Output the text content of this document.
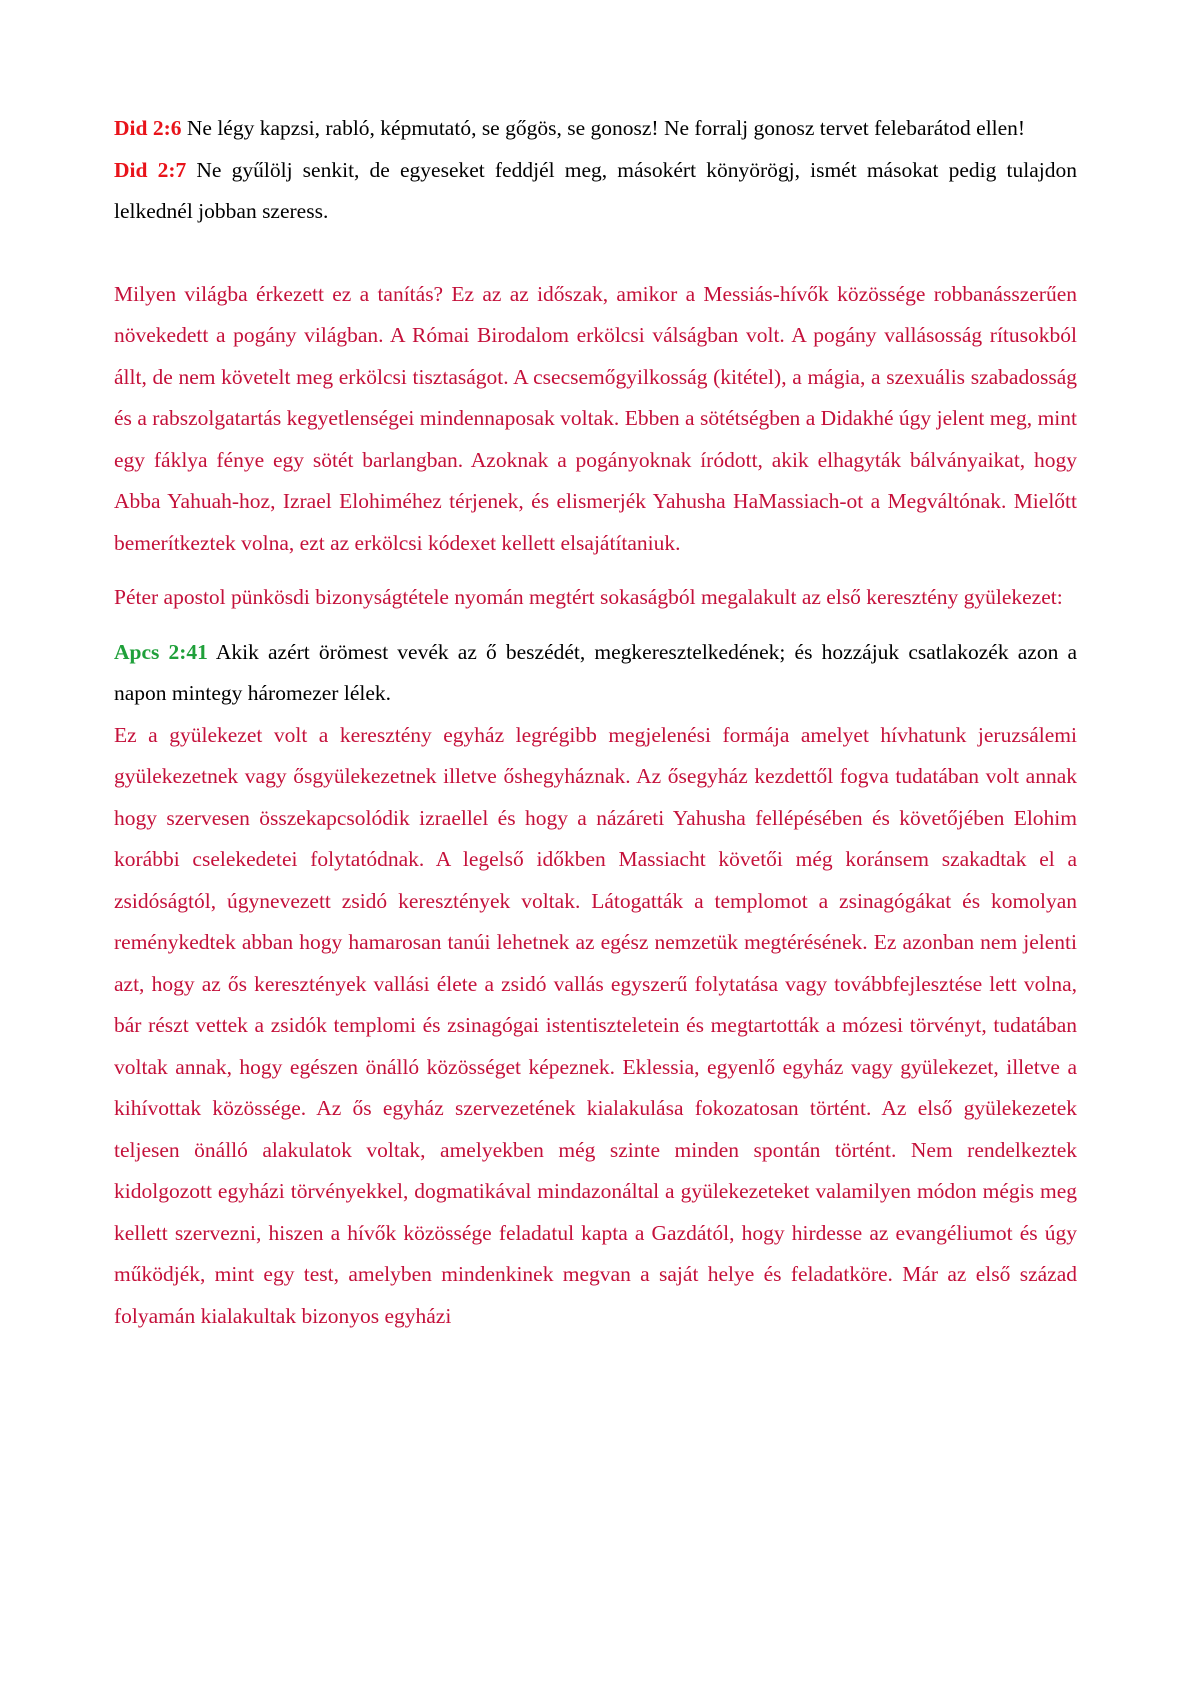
Did 2:6 Ne légy kapzsi, rabló, képmutató, se gőgös, se gonosz! Ne forralj gonosz tervet felebarátod ellen!

Did 2:7 Ne gyűlölj senkit, de egyeseket feddjél meg, másokért könyörögj, ismét másokat pedig tulajdon lelkednél jobban szeress.

Milyen világba érkezett ez a tanítás? Ez az az időszak, amikor a Messiás-hívők közössége robbanásszerűen növekedett a pogány világban. A Római Birodalom erkölcsi válságban volt. A pogány vallásosság rítusokból állt, de nem követelt meg erkölcsi tisztaságot. A csecsemőgyilkosság (kitétel), a mágia, a szexuális szabadosság és a rabszolgatartás kegyetlenségei mindennaposak voltak. Ebben a sötétségben a Didakhé úgy jelent meg, mint egy fáklya fénye egy sötét barlangban. Azoknak a pogányoknak íródott, akik elhagyták bálványaikat, hogy Abba Yahuah-hoz, Izrael Elohiméhez térjenek, és elismerjék Yahusha HaMassiach-ot a Megváltónak. Mielőtt bemerítkeztek volna, ezt az erkölcsi kódexet kellett elsajátítaniuk.

Péter apostol pünkösdi bizonyságtétele nyomán megtért sokaságból megalakult az első keresztény gyülekezet:

Apcs 2:41 Akik azért örömest vevék az ő beszédét, megkeresztelkedének; és hozzájuk csatlakozék azon a napon mintegy háromezer lélek.

Ez a gyülekezet volt a keresztény egyház legrégibb megjelenési formája amelyet hívhatunk jeruzsálemi gyülekezetnek vagy ősgyülekezetnek illetve őshegyháznak. Az ősegyház kezdettől fogva tudatában volt annak hogy szervesen összekapcsolódik izraellel és hogy a názáreti Yahusha fellépésében és követőjében Elohim korábbi cselekedetei folytatódnak. A legelső időkben Massiacht követői még koránsem szakadtak el a zsidóságtól, úgynevezett zsidó keresztények voltak. Látogatták a templomot a zsinagógákat és komolyan reménykedtek abban hogy hamarosan tanúi lehetnek az egész nemzetük megtérésének. Ez azonban nem jelenti azt, hogy az ős keresztények vallási élete a zsidó vallás egyszerű folytatása vagy továbbfejlesztése lett volna, bár részt vettek a zsidók templomi és zsinagógai istentiszteletein és megtartották a mózesi törvényt, tudatában voltak annak, hogy egészen önálló közösséget képeznek. Eklessia, egyenlő egyház vagy gyülekezet, illetve a kihívottak közössége. Az ős egyház szervezetének kialakulása fokozatosan történt. Az első gyülekezetek teljesen önálló alakulatok voltak, amelyekben még szinte minden spontán történt. Nem rendelkeztek kidolgozott egyházi törvényekkel, dogmatikával mindazonáltal a gyülekezeteket valamilyen módon mégis meg kellett szervezni, hiszen a hívők közössége feladatul kapta a Gazdától, hogy hirdesse az evangéliumot és úgy működjék, mint egy test, amelyben mindenkinek megvan a saját helye és feladatköre. Már az első század folyamán kialakultak bizonyos egyházi
